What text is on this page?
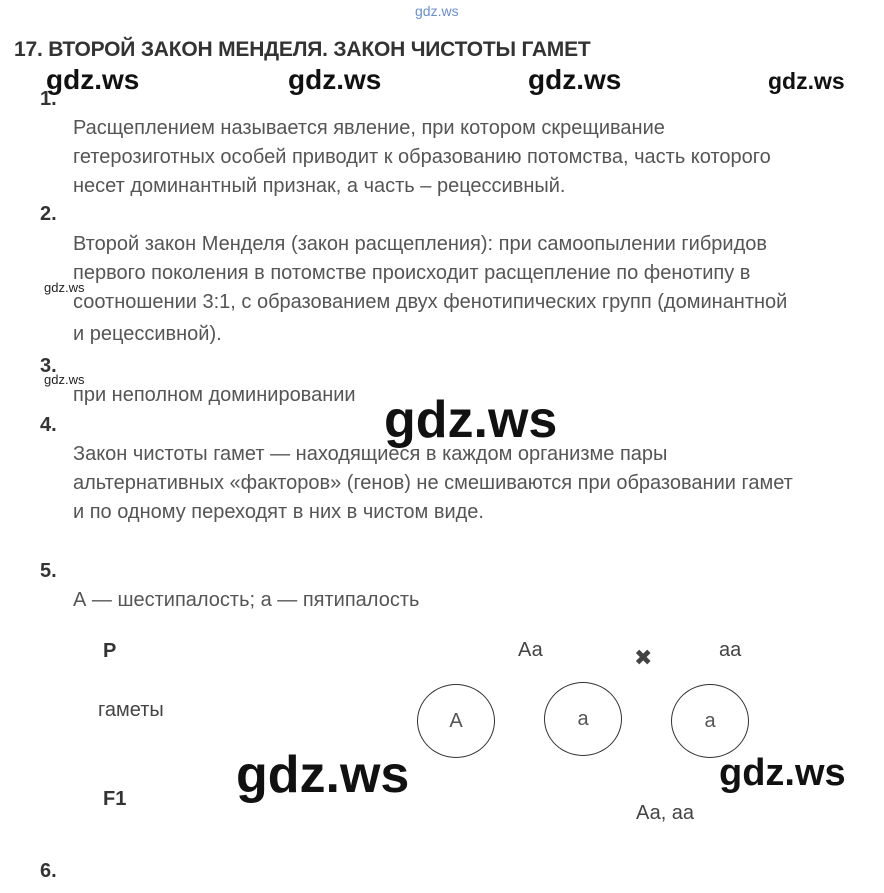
gdz.ws
gdz.ws	gdz.ws	gdz.ws	gdz.ws
gdz.ws
gdz.ws
gdz.ws
gdz.ws	gdz.ws
17. ВТОРОЙ ЗАКОН МЕНДЕЛЯ. ЗАКОН ЧИСТОТЫ ГАМЕТ
1.
Расщеплением называется явление, при котором скрещивание
гетерозиготных особей приводит к образованию потомства, часть которого
несет доминантный признак, а часть – рецессивный.
2.
Второй закон Менделя (закон расщепления): при самоопылении гибридов
первого поколения в потомстве происходит расщепление по фенотипу в
соотношении 3:1, с образованием двух фенотипических групп (доминантной
и рецессивной).
3.
при неполном доминировании
4.
Закон чистоты гамет — находящиеся в каждом организме пары
альтернативных «факторов» (генов) не смешиваются при образовании гамет
и по одному переходят в них в чистом виде.
5.
А — шестипалость; а — пятипалость
P	Аа	✖	аа
гаметы	А	а	а
F1
Аа, аа
6.
